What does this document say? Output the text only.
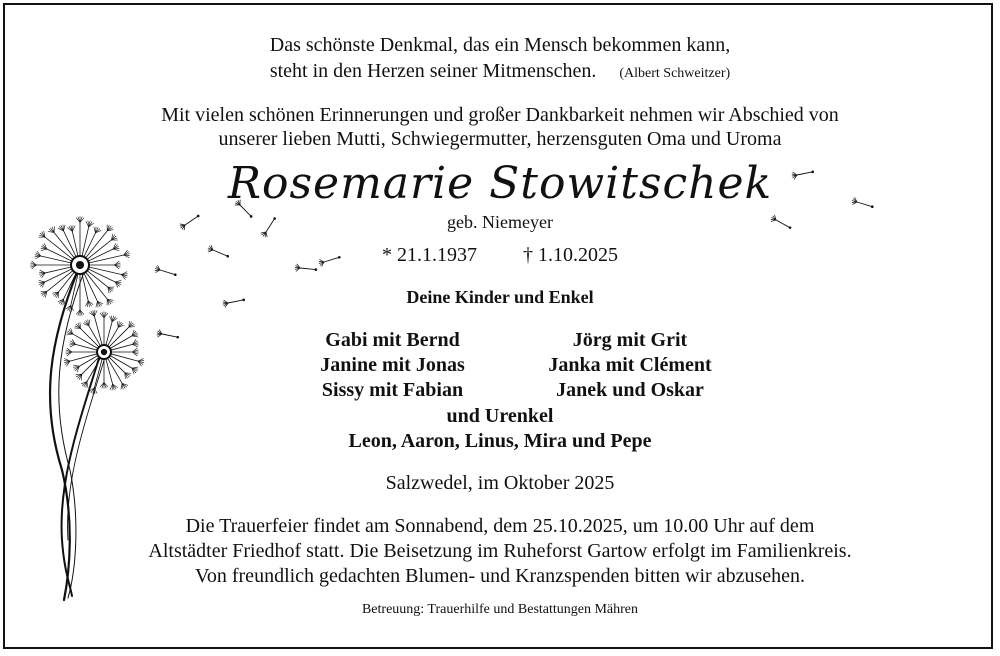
Das schönste Denkmal, das ein Mensch bekommen kann,
steht in den Herzen seiner Mitmenschen. (Albert Schweitzer)
Mit vielen schönen Erinnerungen und großer Dankbarkeit nehmen wir Abschied von
unserer lieben Mutti, Schwiegermutter, herzensguten Oma und Uroma
Rosemarie Stowitschek
geb. Niemeyer
* 21.1.1937 † 1.10.2025
Deine Kinder und Enkel
Gabi mit Bernd
Janine mit Jonas
Sissy mit Fabian
Jörg mit Grit
Janka mit Clément
Janek und Oskar
und Urenkel
Leon, Aaron, Linus, Mira und Pepe
Salzwedel, im Oktober 2025
Die Trauerfeier findet am Sonnabend, dem 25.10.2025, um 10.00 Uhr auf dem
Altstädter Friedhof statt. Die Beisetzung im Ruheforst Gartow erfolgt im Familienkreis.
Von freundlich gedachten Blumen- und Kranzspenden bitten wir abzusehen.
Betreuung: Trauerhilfe und Bestattungen Mähren
